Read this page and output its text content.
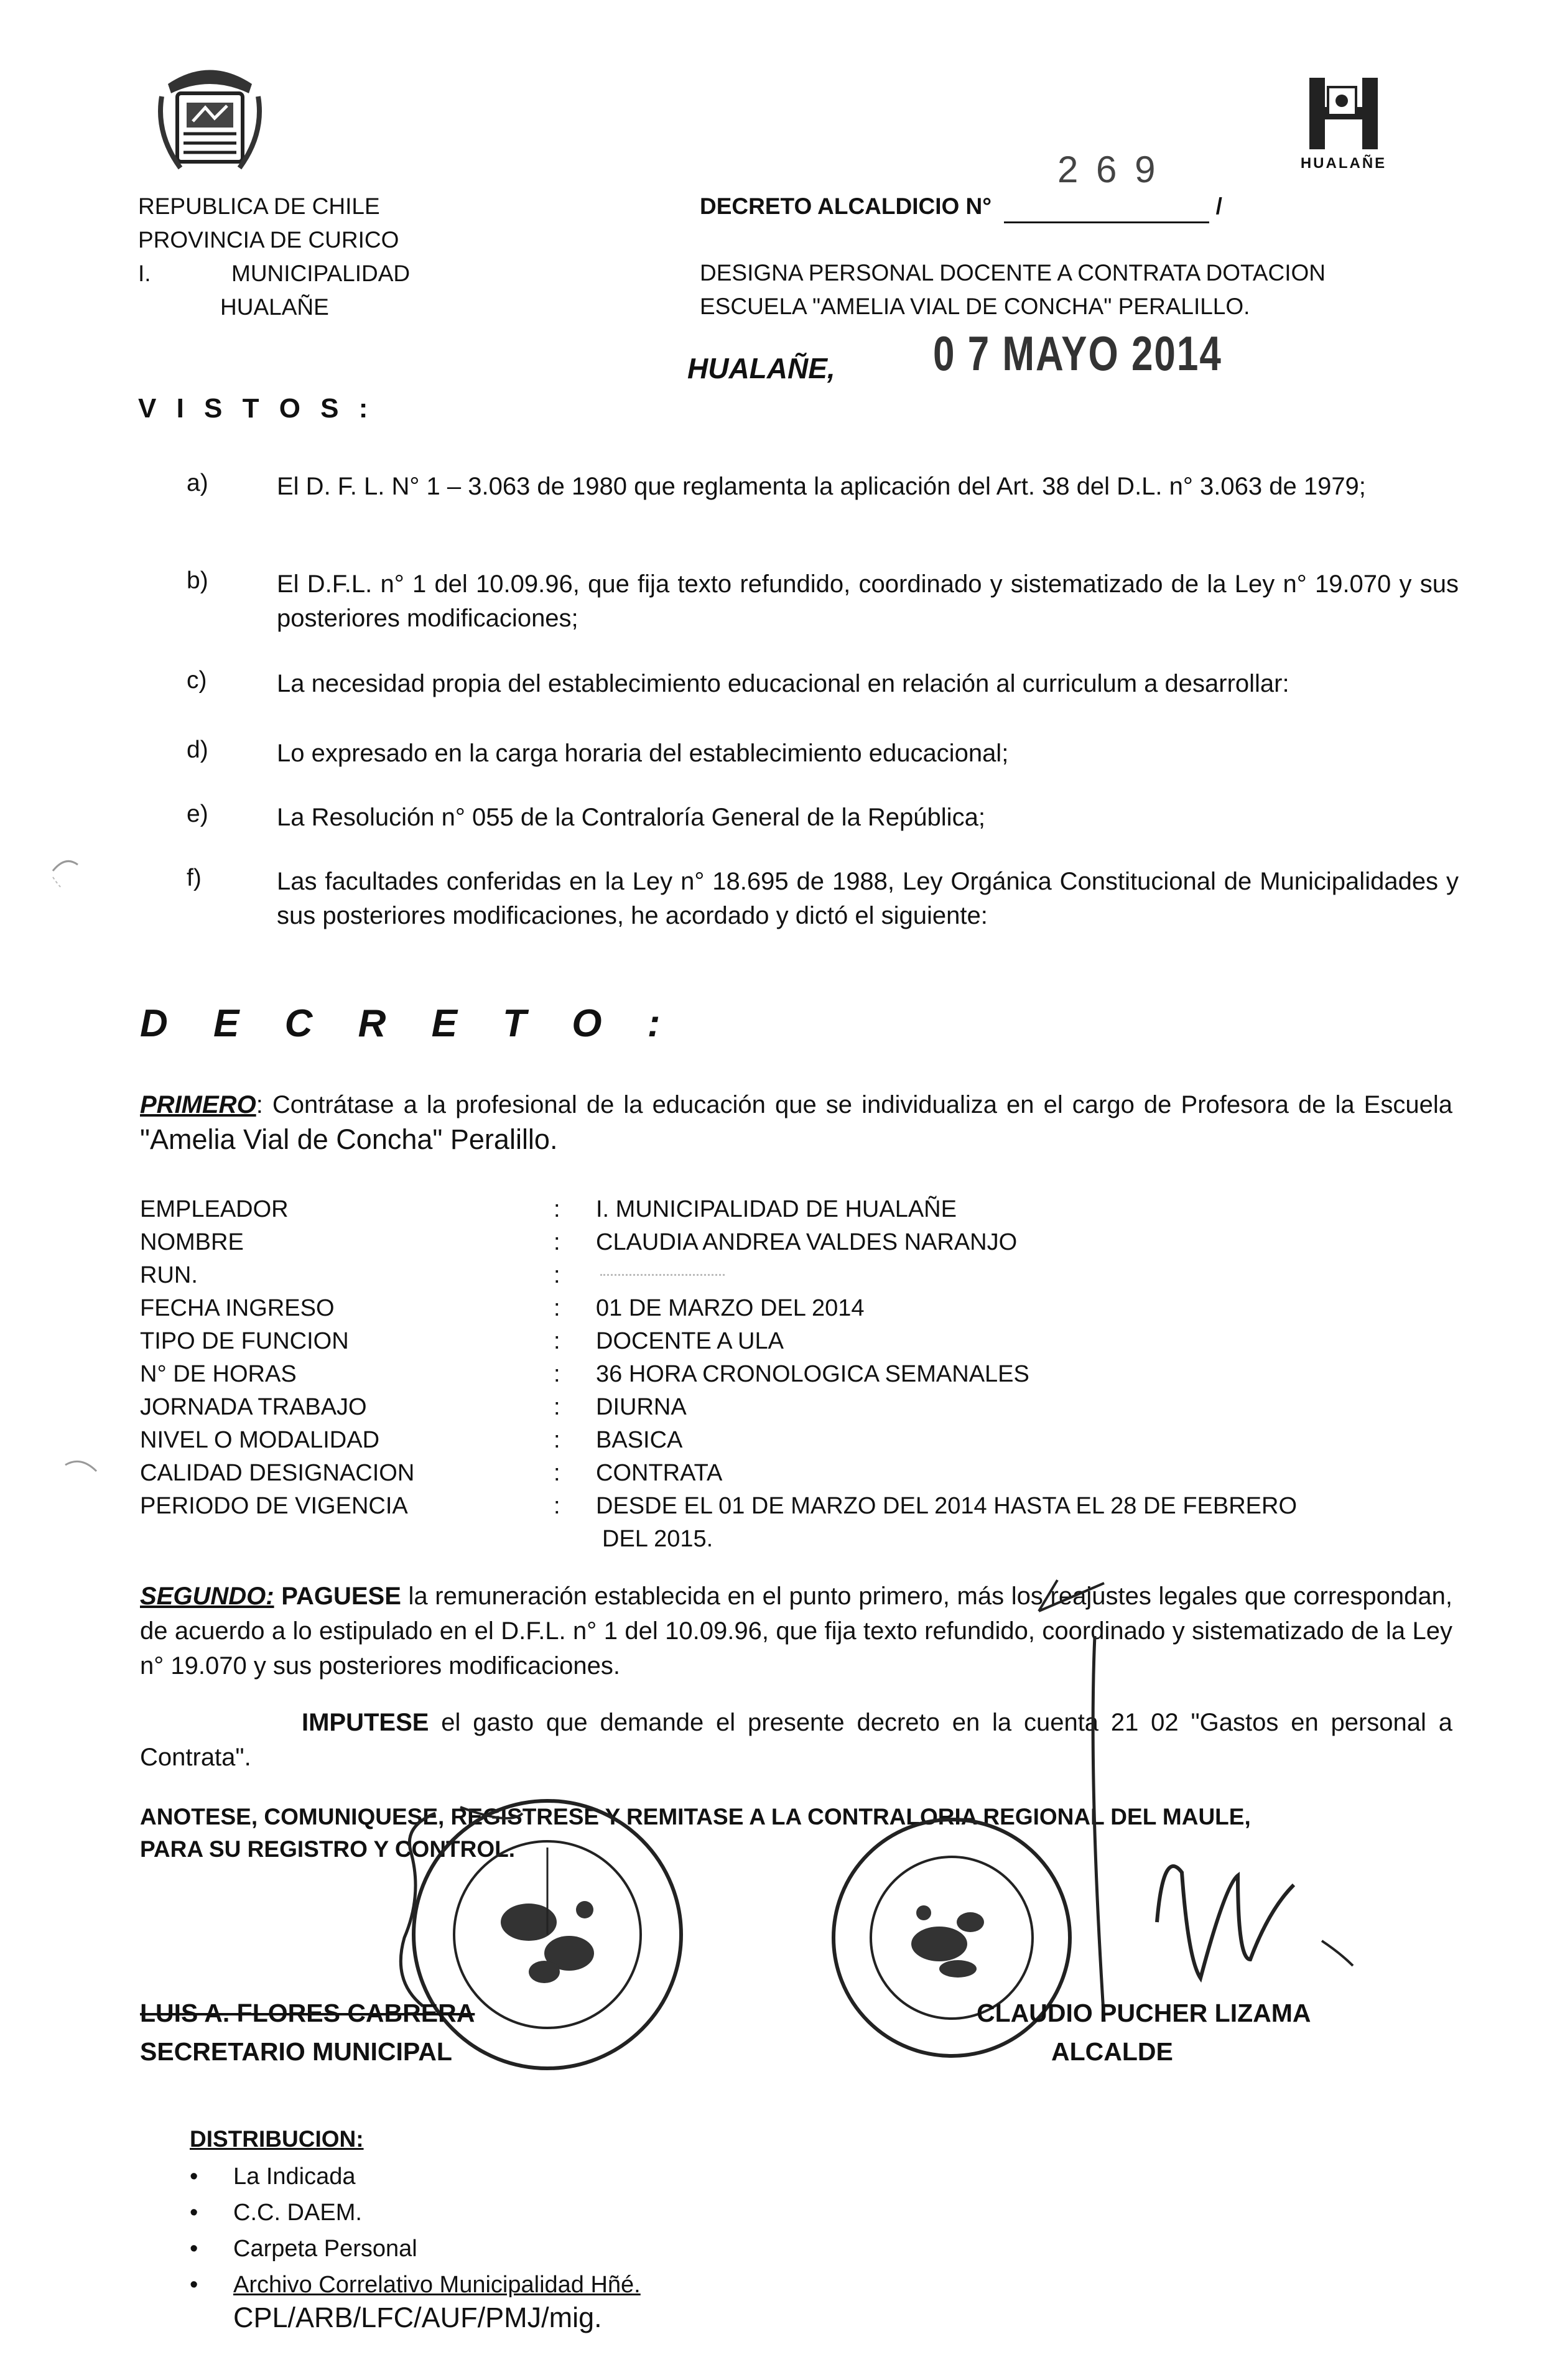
REPUBLICA DE CHILE
PROVINCIA DE CURICO
I.	MUNICIPALIDAD
HUALAÑE
HUALAÑE
2 6 9
DECRETO ALCALDICIO N°	/
DESIGNA PERSONAL DOCENTE A CONTRATA DOTACION
ESCUELA "AMELIA VIAL DE CONCHA" PERALILLO.
HUALAÑE,	0 7 MAYO 2014
V I S T O S :
a)	El D. F. L. N° 1 – 3.063 de 1980 que reglamenta la aplicación del Art. 38 del D.L. n° 3.063 de 1979;
b)	El D.F.L. n° 1 del 10.09.96, que fija texto refundido, coordinado y sistematizado de la Ley n° 19.070 y sus posteriores modificaciones;
c)	La necesidad propia del establecimiento educacional en relación al curriculum a desarrollar:
d)	Lo expresado en la carga horaria del establecimiento educacional;
e)	La Resolución n° 055 de la Contraloría General de la República;
f)	Las facultades conferidas en la Ley n° 18.695 de 1988, Ley Orgánica Constitucional de Municipalidades y sus posteriores modificaciones, he acordado y dictó el siguiente:
D E C R E T O :
PRIMERO: Contrátase a la profesional de la educación que se individualiza en el cargo de Profesora de la Escuela "Amelia Vial de Concha" Peralillo.
EMPLEADOR	: I. MUNICIPALIDAD DE HUALAÑE
NOMBRE	: CLAUDIA ANDREA VALDES NARANJO
RUN.	:
FECHA INGRESO	: 01 DE MARZO DEL 2014
TIPO DE FUNCION	: DOCENTE A ULA
N° DE HORAS	: 36 HORA CRONOLOGICA SEMANALES
JORNADA TRABAJO	: DIURNA
NIVEL O MODALIDAD	: BASICA
CALIDAD DESIGNACION	: CONTRATA
PERIODO DE VIGENCIA	: DESDE EL 01 DE MARZO DEL 2014 HASTA EL 28 DE FEBRERO
DEL 2015.
SEGUNDO: PAGUESE la remuneración establecida en el punto primero, más los reajustes legales que correspondan, de acuerdo a lo estipulado en el D.F.L. n° 1 del 10.09.96, que fija texto refundido, coordinado y sistematizado de la Ley n° 19.070 y sus posteriores modificaciones.
IMPUTESE el gasto que demande el presente decreto en la cuenta 21 02 "Gastos en personal a Contrata".
ANOTESE, COMUNIQUESE, REGISTRESE Y REMITASE A LA CONTRALORIA REGIONAL DEL MAULE,
PARA SU REGISTRO Y CONTROL.
LUIS A. FLORES CABRERA
SECRETARIO MUNICIPAL
CLAUDIO PUCHER LIZAMA
ALCALDE
DISTRIBUCION:
• La Indicada
• C.C. DAEM.
• Carpeta Personal
• Archivo Correlativo Municipalidad Hñé.
CPL/ARB/LFC/AUF/PMJ/mig.
